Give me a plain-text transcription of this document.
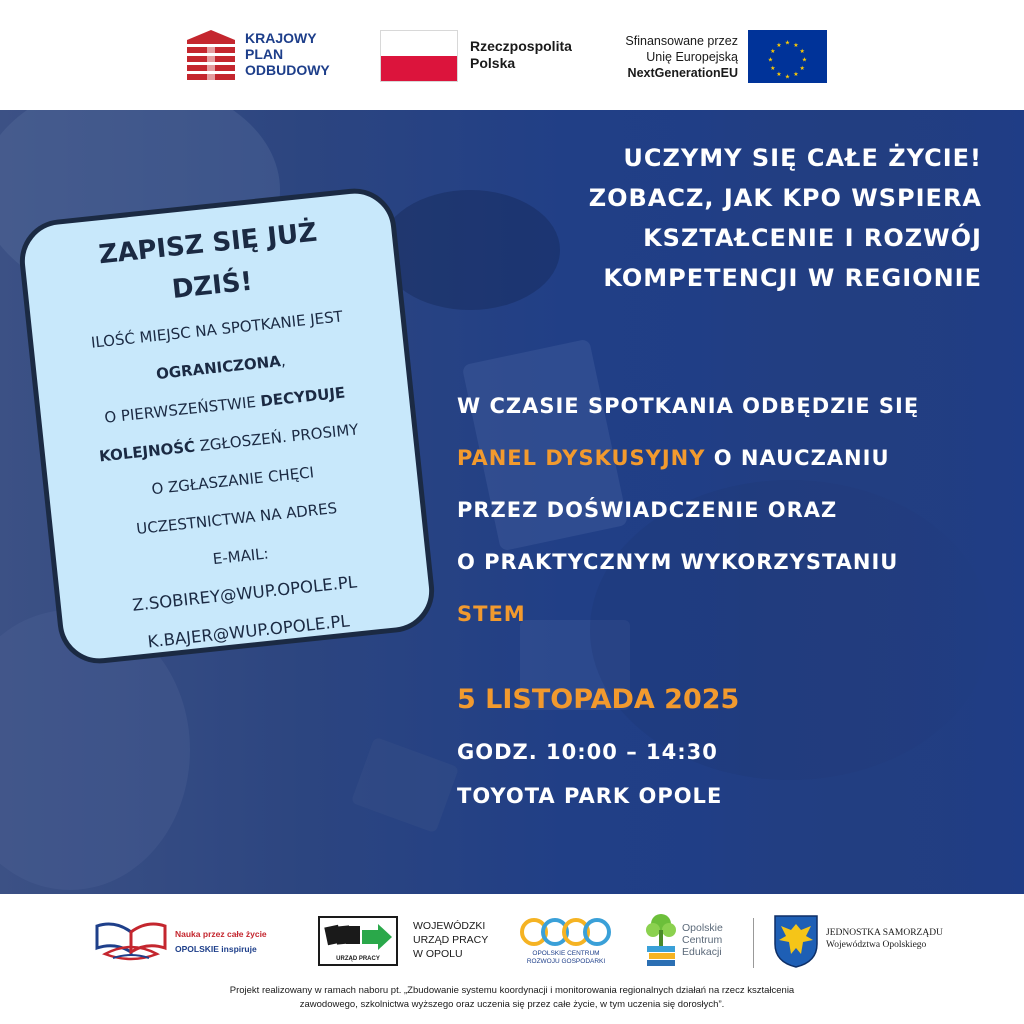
KRAJOWY
PLAN
ODBUDOWY
Rzeczpospolita
Polska
Sfinansowane przez
Unię Europejską
NextGenerationEU
★ ★
★
★
★
★
★
★
★
★
★
★
UCZYMY SIĘ CAŁE ŻYCIE!
ZOBACZ, JAK KPO WSPIERA
KSZTAŁCENIE I ROZWÓJ
KOMPETENCJI W REGIONIE
W CZASIE SPOTKANIA ODBĘDZIE SIĘ
PANEL DYSKUSYJNY O NAUCZANIU
PRZEZ DOŚWIADCZENIE ORAZ
O PRAKTYCZNYM WYKORZYSTANIU
STEM
5 LISTOPADA 2025
GODZ. 10:00 – 14:30
TOYOTA PARK OPOLE
ZAPISZ SIĘ JUŻ
DZIŚ!
ILOŚĆ MIEJSC NA SPOTKANIE JEST
OGRANICZONA,
O PIERWSZEŃSTWIE DECYDUJE
KOLEJNOŚĆ ZGŁOSZEŃ. PROSIMY
O ZGŁASZANIE CHĘCI
UCZESTNICTWA NA ADRES
E-MAIL:
Z.SOBIREY@WUP.OPOLE.PL
K.BAJER@WUP.OPOLE.PL
Nauka przez całe życie
OPOLSKIE inspiruje
URZĄD PRACY
WOJEWÓDZKI
URZĄD PRACY
W OPOLU	OPOLSKIE CENTRUM
ROZWOJU GOSPODARKI
Opolskie
Centrum
Edukacji
JEDNOSTKA SAMORZĄDU
Województwa Opolskiego
Projekt realizowany w ramach naboru pt. „Zbudowanie systemu koordynacji i monitorowania regionalnych działań na rzecz kształcenia
zawodowego, szkolnictwa wyższego oraz uczenia się przez całe życie, w tym uczenia się dorosłych”.
